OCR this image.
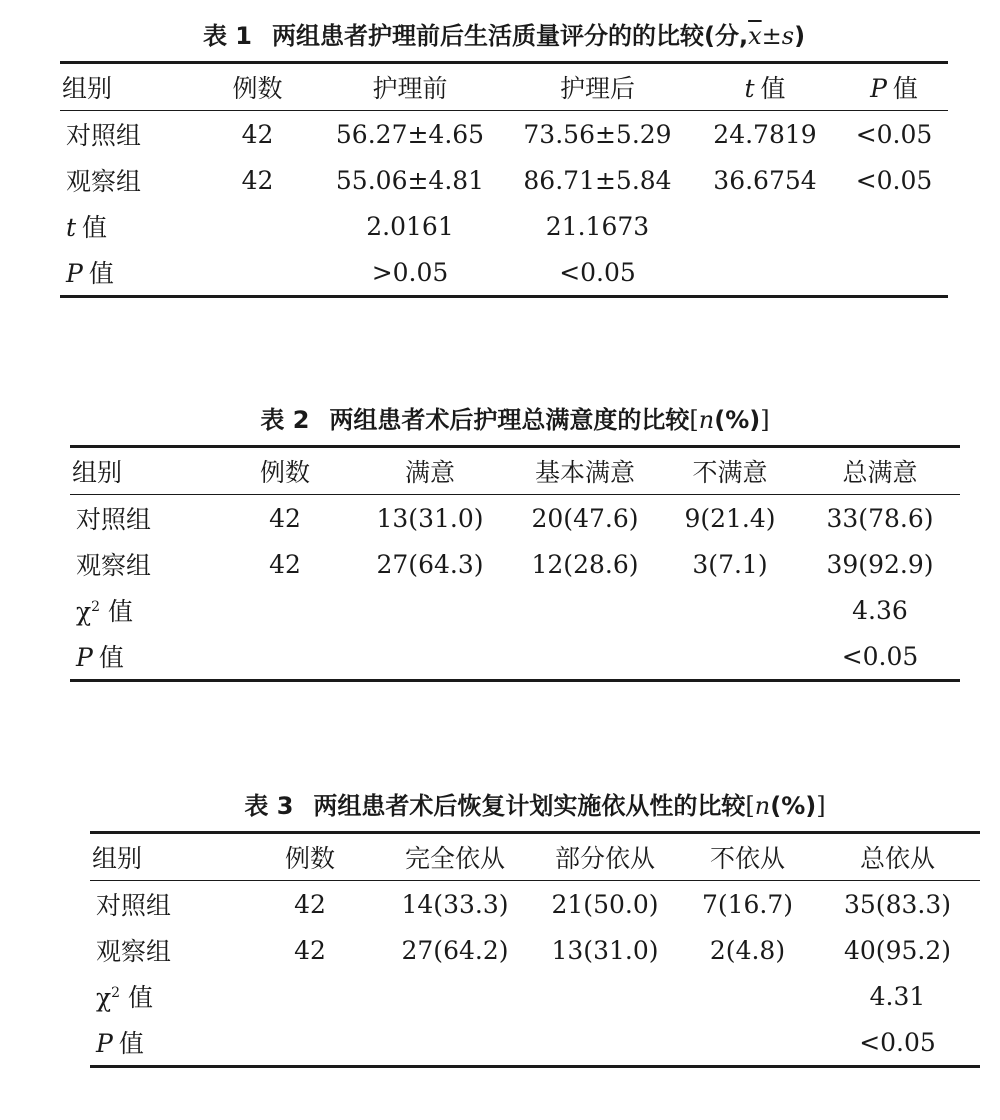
表 1 两组患者护理前后生活质量评分的的比较(分$,\overline{x}\pm s$)
组别	例数	护理前	护理后	t 值	P 值
对照组	42	56.27±4.65	73.56±5.29	24.7819	<0.05
观察组	42	55.06±4.81	86.71±5.84	36.6754	<0.05
t 值		2.0161	21.1673		
P 值		>0.05	<0.05		
表 2 两组患者术后护理总满意度的比较[n(%)]
组别	例数	满意	基本满意	不满意	总满意
对照组	42	13(31.0)	20(47.6)	9(21.4)	33(78.6)
观察组	42	27(64.3)	12(28.6)	3(7.1)	39(92.9)
$\chi^2$ 值					4.36
P 值					<0.05
表 3 两组患者术后恢复计划实施依从性的比较[n(%)]
组别	例数	完全依从	部分依从	不依从	总依从
对照组	42	14(33.3)	21(50.0)	7(16.7)	35(83.3)
观察组	42	27(64.2)	13(31.0)	2(4.8)	40(95.2)
$\chi^2$ 值					4.31
P 值					<0.05
